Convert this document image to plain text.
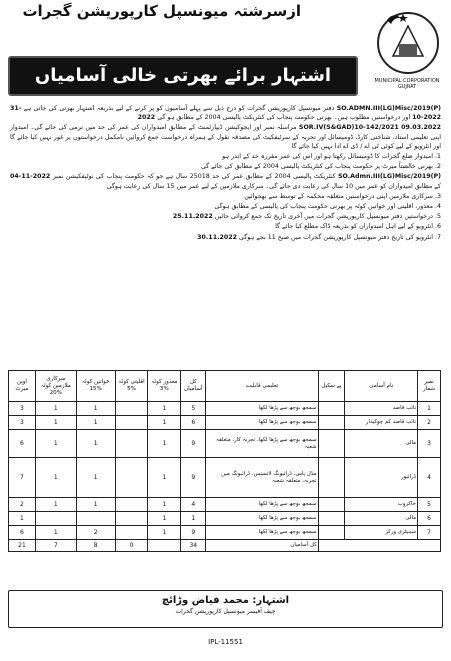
ازسرشتہ میونسپل کارپوریشن گجرات
MUNICIPAL CORPORATION GUJRAT
اشتہار برائے بھرتی خالی آسامیاں

SO.ADMN.III(LG)Misc/2019(P) دفتر میونسپل کارپوریشن گجرات کو درج ذیل سے پہلے آسامیوں کو پر کرنے کے لیے بذریعہ اشتہار بھرتی کی جاتی ہے 31-10-2022 اور درخواستیں مطلوب ہیں۔ بھرتی حکومت پنجاب کی کنٹریکٹ پالیسی 2004 کے مطابق ہو گی 2022

SOR.IV(S&GAD)10-142/2021 09.03.2022 مراسلہ نمبر اور ایجوکیشن ڈیپارٹمنٹ کے مطابق امیدواران کی عمر کی حد میں نرمی کی جائے گی۔ امیدوار اپنی تعلیمی اسناد، شناختی کارڈ، ڈومیسائل اور تجربہ کے سرٹیفکیٹ کی مصدقہ نقول کے ہمراہ درخواست جمع کروائیں نامکمل درخواستوں پر غور نہیں کیا جائے گا اور انٹرویو کے لیے کوئی ٹی اے / ڈی اے ادا نہیں کیا جائے گا

1. امیدوار ضلع گجرات کا ڈومیسائل رکھتا ہو اور اس کی عمر مقررہ حد کے اندر ہو

2. بھرتی خالصتاً میرٹ پر حکومت پنجاب کی کنٹریکٹ پالیسی 2004 کے مطابق کی جائے گی

SO.Admn.III(LG)Misc/2019(P) کنٹریکٹ پالیسی 2004 کے مطابق عمر کی حد 25018 سال ہے جو کہ حکومت پنجاب کی نوٹیفکیشن نمبر 04-11-2022 کے مطابق امیدواران کو عمر میں 10 سال کی رعایت دی جائے گی۔ سرکاری ملازمین کے لیے عمر میں 15 سال کی رعایت ہوگی

3. سرکاری ملازمین اپنی درخواستیں متعلقہ محکمہ کے توسط سے بھجوائیں

4. معذور، اقلیتی اور خواتین کوٹہ پر بھرتی حکومت پنجاب کی پالیسی کے مطابق ہوگی

5. درخواستیں دفتر میونسپل کارپوریشن گجرات میں آخری تاریخ تک جمع کروائی جائیں 25.11.2022

6. انٹرویو کے لیے اہل امیدواران کو بذریعہ ڈاک مطلع کیا جائے گا

7. انٹرویو کی تاریخ دفتر میونسپل کارپوریشن گجرات میں صبح 11 بجے ہوگی 30.11.2022

اوپن میرٹ	سرکاری ملازمین کوٹہ 20%	خواتین کوٹہ 15%	اقلیتی کوٹہ 5%	معذور کوٹہ 3%	کل آسامیاں	تعلیمی قابلیت	پے سکیل	نام آسامی	نمبر شمار
3	1	1		1	5	سمجھ بوجھ سے پڑھا لکھا		نائب قاصد	1
3	1	1		1	6	سمجھ بوجھ سے پڑھا لکھا		نائب قاصد کم چوکیدار	2
6	1	1		1	9	سمجھ بوجھ سے پڑھا لکھا، تجربہ کار، متعلقہ شعبہ		مالی	3
7	1	1		1	9	مڈل پاس، ڈرائیونگ لائسنس، ڈرائیونگ میں تجربہ، متعلقہ شعبہ		ڈرائیور	4
2	1	1		1	4	سمجھ بوجھ سے پڑھا لکھا		خاکروب	5
1				1	1	سمجھ بوجھ سے پڑھا لکھا		مالی	6
6	1	2		1	9	سمجھ بوجھ سے پڑھا لکھا		سینیٹری ورکر	7
21	7	8	0		34	کل آسامیاں			
اشتہار: محمد فیاض وڑائچ
چیف آفیسر میونسپل کارپوریشن گجرات
IPL-11551
